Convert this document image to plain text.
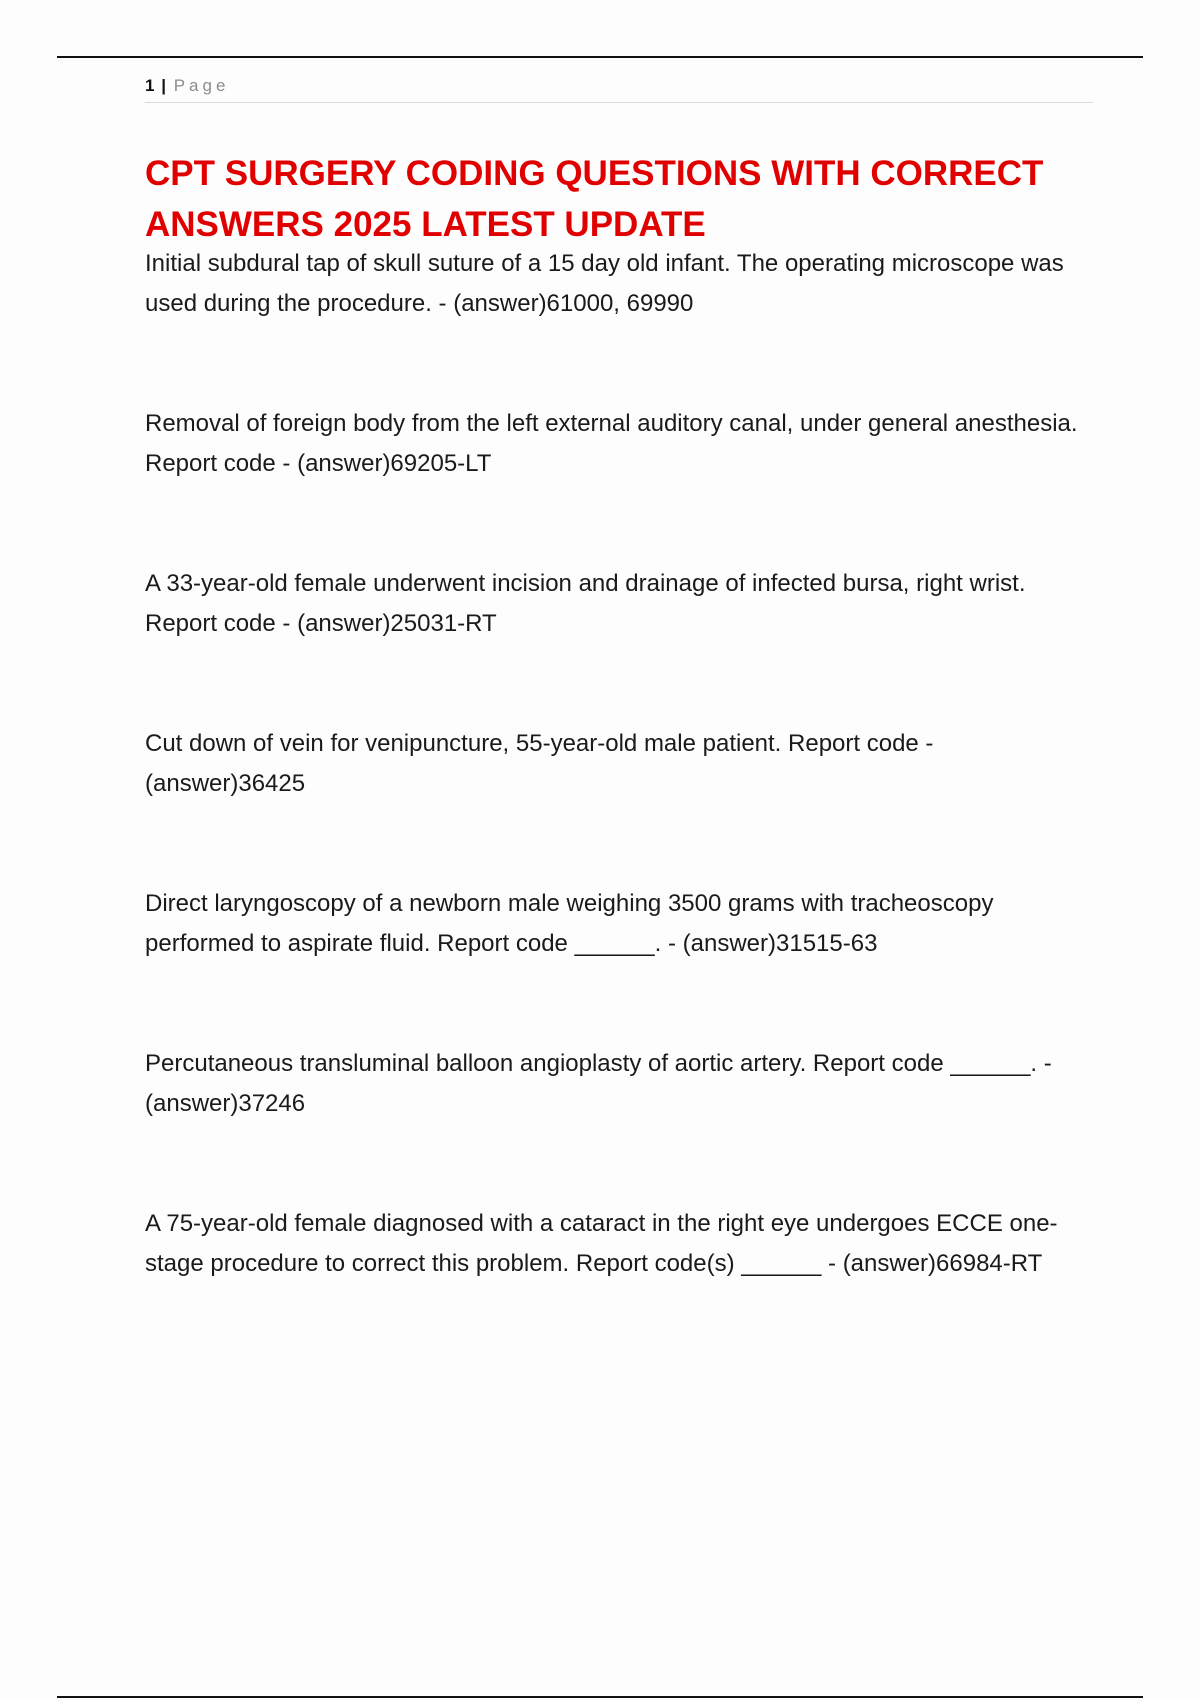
1 | Page
CPT SURGERY CODING QUESTIONS WITH CORRECT ANSWERS 2025 LATEST UPDATE

Initial subdural tap of skull suture of a 15 day old infant. The operating microscope was used during the procedure. - (answer)61000, 69990

Removal of foreign body from the left external auditory canal, under general anesthesia. Report code - (answer)69205-LT

A 33-year-old female underwent incision and drainage of infected bursa, right wrist. Report code - (answer)25031-RT

Cut down of vein for venipuncture, 55-year-old male patient. Report code - (answer)36425

Direct laryngoscopy of a newborn male weighing 3500 grams with tracheoscopy performed to aspirate fluid. Report code ______. - (answer)31515-63

Percutaneous transluminal balloon angioplasty of aortic artery. Report code ______. - (answer)37246

A 75-year-old female diagnosed with a cataract in the right eye undergoes ECCE one-stage procedure to correct this problem. Report code(s) ______ - (answer)66984-RT
